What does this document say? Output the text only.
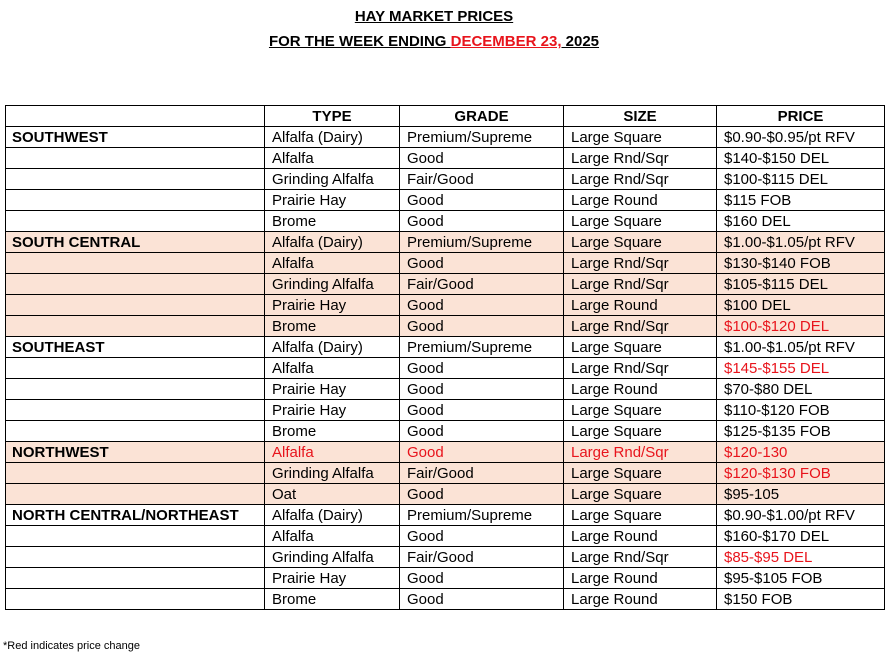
HAY MARKET PRICES
FOR THE WEEK ENDING DECEMBER 23, 2025
	TYPE	GRADE	SIZE	PRICE
SOUTHWEST	Alfalfa (Dairy)	Premium/Supreme	Large Square	$0.90-$0.95/pt RFV
	Alfalfa	Good	Large Rnd/Sqr	$140-$150 DEL
	Grinding Alfalfa	Fair/Good	Large Rnd/Sqr	$100-$115 DEL
	Prairie Hay	Good	Large Round	$115 FOB
	Brome	Good	Large Square	$160 DEL
SOUTH CENTRAL	Alfalfa (Dairy)	Premium/Supreme	Large Square	$1.00-$1.05/pt RFV
	Alfalfa	Good	Large Rnd/Sqr	$130-$140 FOB
	Grinding Alfalfa	Fair/Good	Large Rnd/Sqr	$105-$115 DEL
	Prairie Hay	Good	Large Round	$100 DEL
	Brome	Good	Large Rnd/Sqr	$100-$120 DEL
SOUTHEAST	Alfalfa (Dairy)	Premium/Supreme	Large Square	$1.00-$1.05/pt RFV
	Alfalfa	Good	Large Rnd/Sqr	$145-$155 DEL
	Prairie Hay	Good	Large Round	$70-$80 DEL
	Prairie Hay	Good	Large Square	$110-$120 FOB
	Brome	Good	Large Square	$125-$135 FOB
NORTHWEST	Alfalfa	Good	Large Rnd/Sqr	$120-130
	Grinding Alfalfa	Fair/Good	Large Square	$120-$130 FOB
	Oat	Good	Large Square	$95-105
NORTH CENTRAL/NORTHEAST	Alfalfa (Dairy)	Premium/Supreme	Large Square	$0.90-$1.00/pt RFV
	Alfalfa	Good	Large Round	$160-$170 DEL
	Grinding Alfalfa	Fair/Good	Large Rnd/Sqr	$85-$95 DEL
	Prairie Hay	Good	Large Round	$95-$105 FOB
	Brome	Good	Large Round	$150 FOB
*Red indicates price change
